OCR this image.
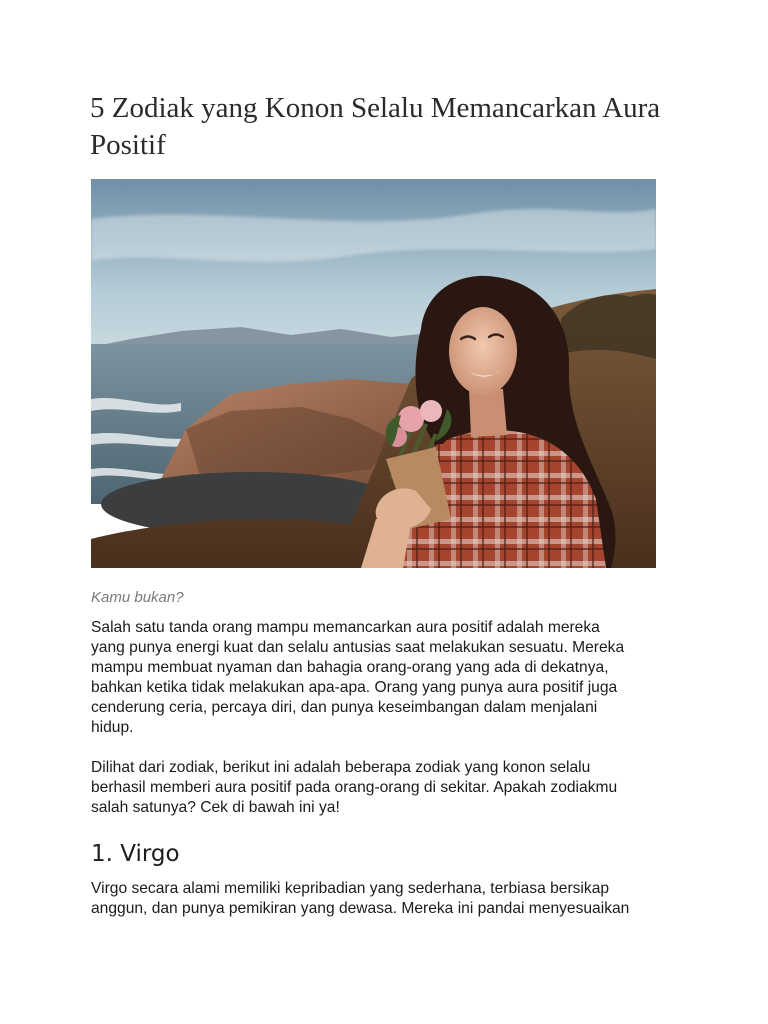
5 Zodiak yang Konon Selalu Memancarkan Aura
Positif

Kamu bukan?

Salah satu tanda orang mampu memancarkan aura positif adalah mereka
yang punya energi kuat dan selalu antusias saat melakukan sesuatu. Mereka
mampu membuat nyaman dan bahagia orang-orang yang ada di dekatnya,
bahkan ketika tidak melakukan apa-apa. Orang yang punya aura positif juga
cenderung ceria, percaya diri, dan punya keseimbangan dalam menjalani
hidup.

Dilihat dari zodiak, berikut ini adalah beberapa zodiak yang konon selalu
berhasil memberi aura positif pada orang-orang di sekitar. Apakah zodiakmu
salah satunya? Cek di bawah ini ya!

1. Virgo

Virgo secara alami memiliki kepribadian yang sederhana, terbiasa bersikap
anggun, dan punya pemikiran yang dewasa. Mereka ini pandai menyesuaikan
